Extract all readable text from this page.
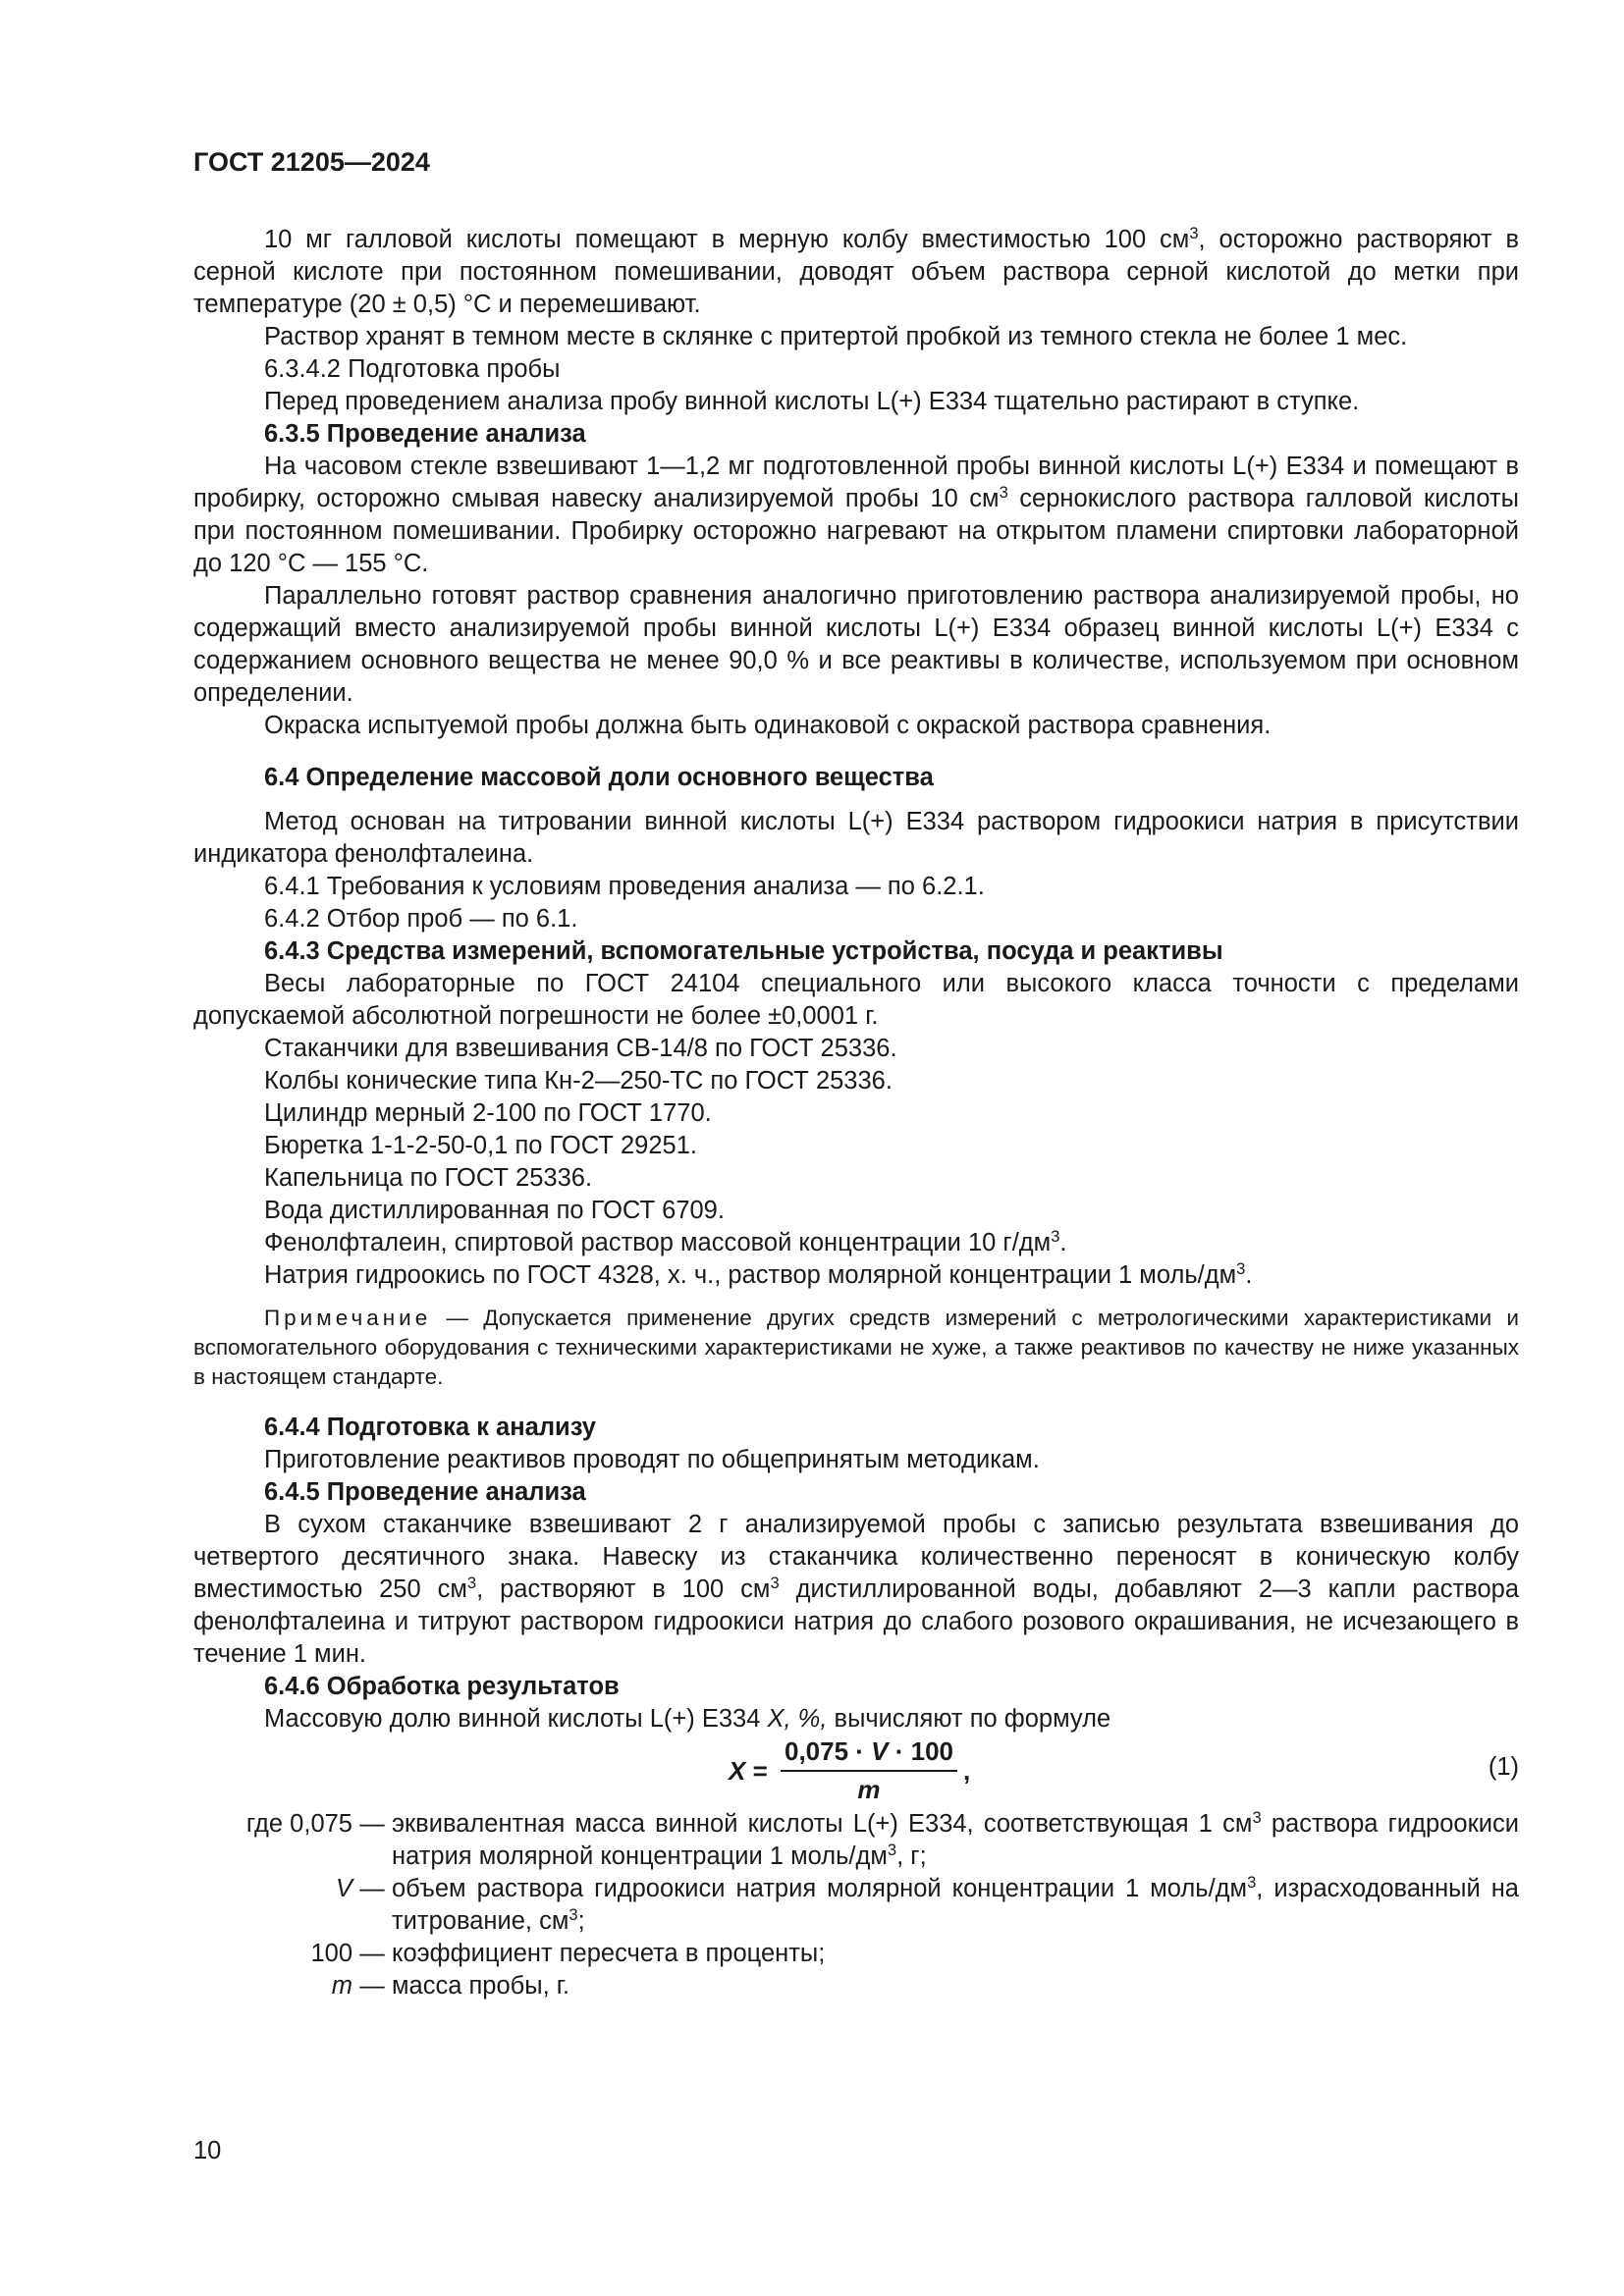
ГОСТ 21205—2024

10 мг галловой кислоты помещают в мерную колбу вместимостью 100 $см^3$, осторожно растворяют в серной кислоте при постоянном помешивании, доводят объем раствора серной кислотой до метки при температуре (20 ± 0,5) °C и перемешивают.

Раствор хранят в темном месте в склянке с притертой пробкой из темного стекла не более 1 мес.

6.3.4.2 Подготовка пробы

Перед проведением анализа пробу винной кислоты L(+) Е334 тщательно растирают в ступке.

6.3.5 Проведение анализа

На часовом стекле взвешивают 1—1,2 мг подготовленной пробы винной кислоты L(+) Е334 и помещают в пробирку, осторожно смывая навеску анализируемой пробы 10 $см^3$ сернокислого раствора галловой кислоты при постоянном помешивании. Пробирку осторожно нагревают на открытом пламени спиртовки лабораторной до 120 °C — 155 °C.

Параллельно готовят раствор сравнения аналогично приготовлению раствора анализируемой пробы, но содержащий вместо анализируемой пробы винной кислоты L(+) Е334 образец винной кислоты L(+) Е334 с содержанием основного вещества не менее 90,0 % и все реактивы в количестве, используемом при основном определении.

Окраска испытуемой пробы должна быть одинаковой с окраской раствора сравнения.

6.4 Определение массовой доли основного вещества

Метод основан на титровании винной кислоты L(+) Е334 раствором гидроокиси натрия в присутствии индикатора фенолфталеина.

6.4.1 Требования к условиям проведения анализа — по 6.2.1.

6.4.2 Отбор проб — по 6.1.

6.4.3 Средства измерений, вспомогательные устройства, посуда и реактивы

Весы лабораторные по ГОСТ 24104 специального или высокого класса точности с пределами допускаемой абсолютной погрешности не более ±0,0001 г.

Стаканчики для взвешивания СВ-14/8 по ГОСТ 25336.

Колбы конические типа Кн-2—250-ТС по ГОСТ 25336.

Цилиндр мерный 2-100 по ГОСТ 1770.

Бюретка 1-1-2-50-0,1 по ГОСТ 29251.

Капельница по ГОСТ 25336.

Вода дистиллированная по ГОСТ 6709.

Фенолфталеин, спиртовой раствор массовой концентрации 10 $г/дм^3$.

Натрия гидроокись по ГОСТ 4328, х. ч., раствор молярной концентрации 1 моль/$дм^3$.

Примечание — Допускается применение других средств измерений с метрологическими характеристиками и вспомогательного оборудования с техническими характеристиками не хуже, а также реактивов по качеству не ниже указанных в настоящем стандарте.

6.4.4 Подготовка к анализу

Приготовление реактивов проводят по общепринятым методикам.

6.4.5 Проведение анализа

В сухом стаканчике взвешивают 2 г анализируемой пробы с записью результата взвешивания до четвертого десятичного знака. Навеску из стаканчика количественно переносят в коническую колбу вместимостью 250 $см^3$, растворяют в 100 $см^3$ дистиллированной воды, добавляют 2—3 капли раствора фенолфталеина и титруют раствором гидроокиси натрия до слабого розового окрашивания, не исчезающего в течение 1 мин.

6.4.6 Обработка результатов

Массовую долю винной кислоты L(+) Е334 X, %, вычисляют по формуле

$X = \frac{0,075 \cdot V \cdot 100}{m}$ ,	(1)
где 0,075 — эквивалентная масса винной кислоты L(+) Е334, соответствующая 1 $см^3$ раствора гидроокиси натрия молярной концентрации 1 моль/$дм^3$, г;
V — объем раствора гидроокиси натрия молярной концентрации 1 моль/$дм^3$, израсходованный на титрование, $см^3$;
100 — коэффициент пересчета в проценты;
m — масса пробы, г.
10
